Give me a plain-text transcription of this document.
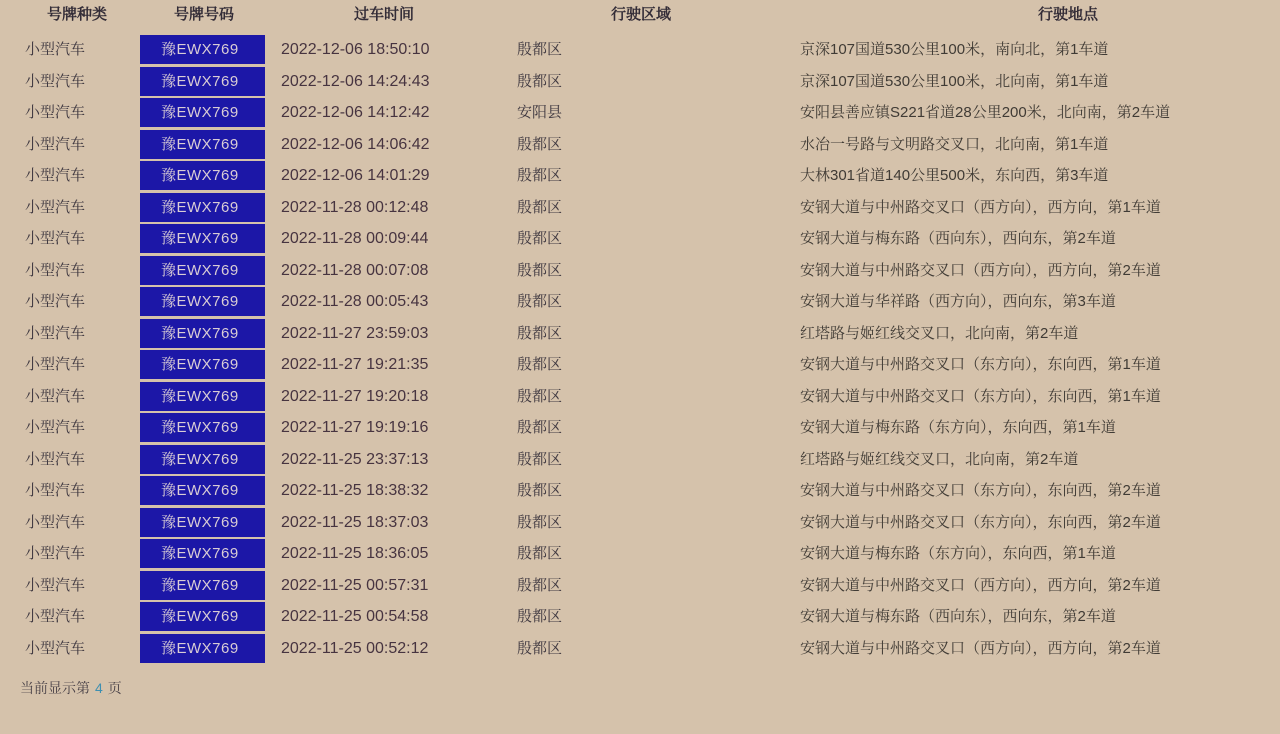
号牌种类	号牌号码	过车时间	行驶区域	行驶地点
小型汽车	豫EWX769	2022-12-06 18:50:10	殷都区	京深107国道530公里100米，南向北，第1车道
小型汽车	豫EWX769	2022-12-06 14:24:43	殷都区	京深107国道530公里100米，北向南，第1车道
小型汽车	豫EWX769	2022-12-06 14:12:42	安阳县	安阳县善应镇S221省道28公里200米，北向南，第2车道
小型汽车	豫EWX769	2022-12-06 14:06:42	殷都区	水冶一号路与文明路交叉口，北向南，第1车道
小型汽车	豫EWX769	2022-12-06 14:01:29	殷都区	大林301省道140公里500米，东向西，第3车道
小型汽车	豫EWX769	2022-11-28 00:12:48	殷都区	安钢大道与中州路交叉口（西方向），西方向，第1车道
小型汽车	豫EWX769	2022-11-28 00:09:44	殷都区	安钢大道与梅东路（西向东），西向东，第2车道
小型汽车	豫EWX769	2022-11-28 00:07:08	殷都区	安钢大道与中州路交叉口（西方向），西方向，第2车道
小型汽车	豫EWX769	2022-11-28 00:05:43	殷都区	安钢大道与华祥路（西方向），西向东，第3车道
小型汽车	豫EWX769	2022-11-27 23:59:03	殷都区	红塔路与姬红线交叉口，北向南，第2车道
小型汽车	豫EWX769	2022-11-27 19:21:35	殷都区	安钢大道与中州路交叉口（东方向），东向西，第1车道
小型汽车	豫EWX769	2022-11-27 19:20:18	殷都区	安钢大道与中州路交叉口（东方向），东向西，第1车道
小型汽车	豫EWX769	2022-11-27 19:19:16	殷都区	安钢大道与梅东路（东方向），东向西，第1车道
小型汽车	豫EWX769	2022-11-25 23:37:13	殷都区	红塔路与姬红线交叉口，北向南，第2车道
小型汽车	豫EWX769	2022-11-25 18:38:32	殷都区	安钢大道与中州路交叉口（东方向），东向西，第2车道
小型汽车	豫EWX769	2022-11-25 18:37:03	殷都区	安钢大道与中州路交叉口（东方向），东向西，第2车道
小型汽车	豫EWX769	2022-11-25 18:36:05	殷都区	安钢大道与梅东路（东方向），东向西，第1车道
小型汽车	豫EWX769	2022-11-25 00:57:31	殷都区	安钢大道与中州路交叉口（西方向），西方向，第2车道
小型汽车	豫EWX769	2022-11-25 00:54:58	殷都区	安钢大道与梅东路（西向东），西向东，第2车道
小型汽车	豫EWX769	2022-11-25 00:52:12	殷都区	安钢大道与中州路交叉口（西方向），西方向，第2车道
当前显示第 4 页
